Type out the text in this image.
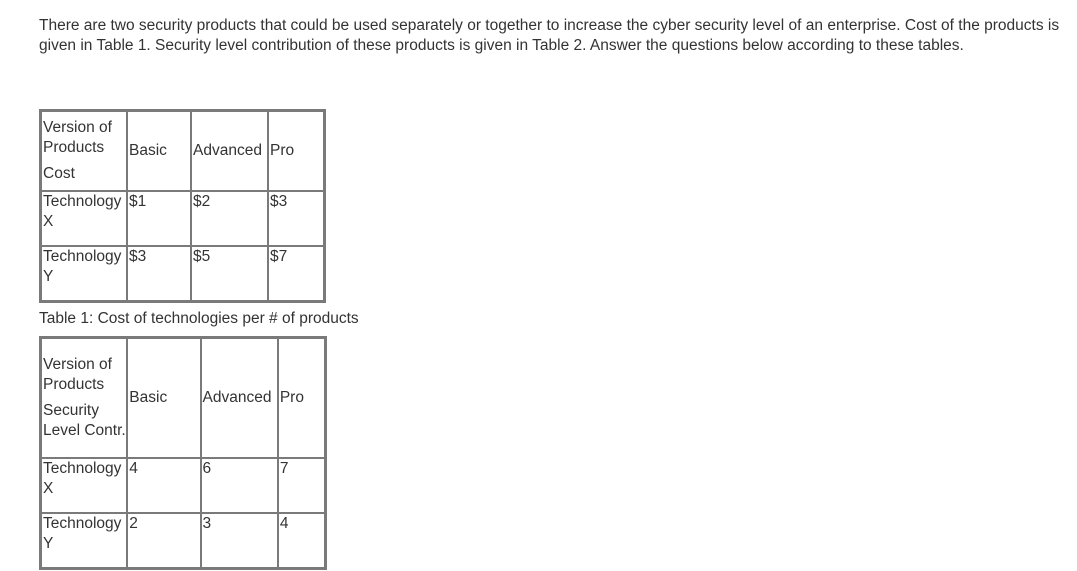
There are two security products that could be used separately or together to increase the cyber security level of an enterprise. Cost of the products is given in Table 1. Security level contribution of these products is given in Table 2. Answer the questions below according to these tables.

Version of Products
Cost	Basic	Advanced	Pro
Technology X	$1	$2	$3
Technology Y	$3	$5	$7

Table 1: Cost of technologies per # of products

Version of Products
Security Level Contr.	Basic	Advanced	Pro
Technology X	4	6	7
Technology Y	2	3	4
